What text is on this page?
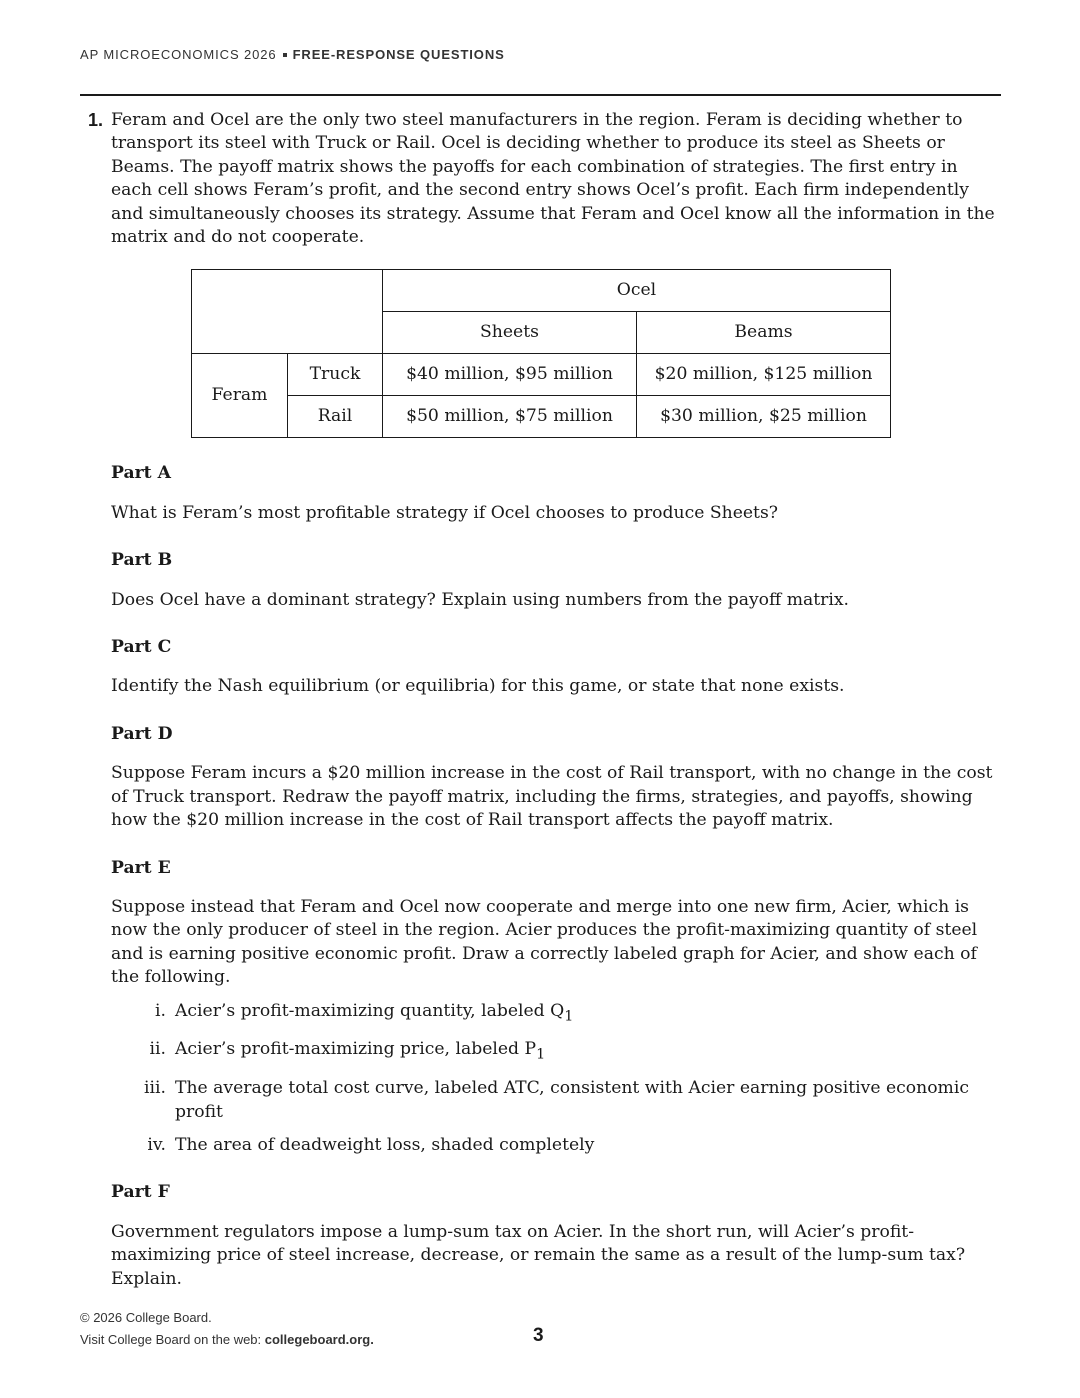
AP MICROECONOMICS 2026 FREE-RESPONSE QUESTIONS
1. Feram and Ocel are the only two steel manufacturers in the region. Feram is deciding whether to transport its steel with Truck or Rail. Ocel is deciding whether to produce its steel as Sheets or Beams. The payoff matrix shows the payoffs for each combination of strategies. The first entry in each cell shows Feram’s profit, and the second entry shows Ocel’s profit. Each firm independently and simultaneously chooses its strategy. Assume that Feram and Ocel know all the information in the matrix and do not cooperate.

		Ocel	
		Sheets	Beams
Feram	Truck	$40 million, $95 million	$20 million, $125 million
	Rail	$50 million, $75 million	$30 million, $25 million

Part A

What is Feram’s most profitable strategy if Ocel chooses to produce Sheets?

Part B

Does Ocel have a dominant strategy? Explain using numbers from the payoff matrix.

Part C

Identify the Nash equilibrium (or equilibria) for this game, or state that none exists.

Part D

Suppose Feram incurs a $20 million increase in the cost of Rail transport, with no change in the cost of Truck transport. Redraw the payoff matrix, including the firms, strategies, and payoffs, showing how the $20 million increase in the cost of Rail transport affects the payoff matrix.

Part E

Suppose instead that Feram and Ocel now cooperate and merge into one new firm, Acier, which is now the only producer of steel in the region. Acier produces the profit-maximizing quantity of steel and is earning positive economic profit. Draw a correctly labeled graph for Acier, and show each of the following.

i. Acier’s profit-maximizing quantity, labeled $Q_1$
ii. Acier’s profit-maximizing price, labeled $P_1$
iii. The average total cost curve, labeled ATC, consistent with Acier earning positive economic profit
iv. The area of deadweight loss, shaded completely

Part F

Government regulators impose a lump-sum tax on Acier. In the short run, will Acier’s profit-maximizing price of steel increase, decrease, or remain the same as a result of the lump-sum tax? Explain.

© 2026 College Board.
Visit College Board on the web: collegeboard.org.	3
